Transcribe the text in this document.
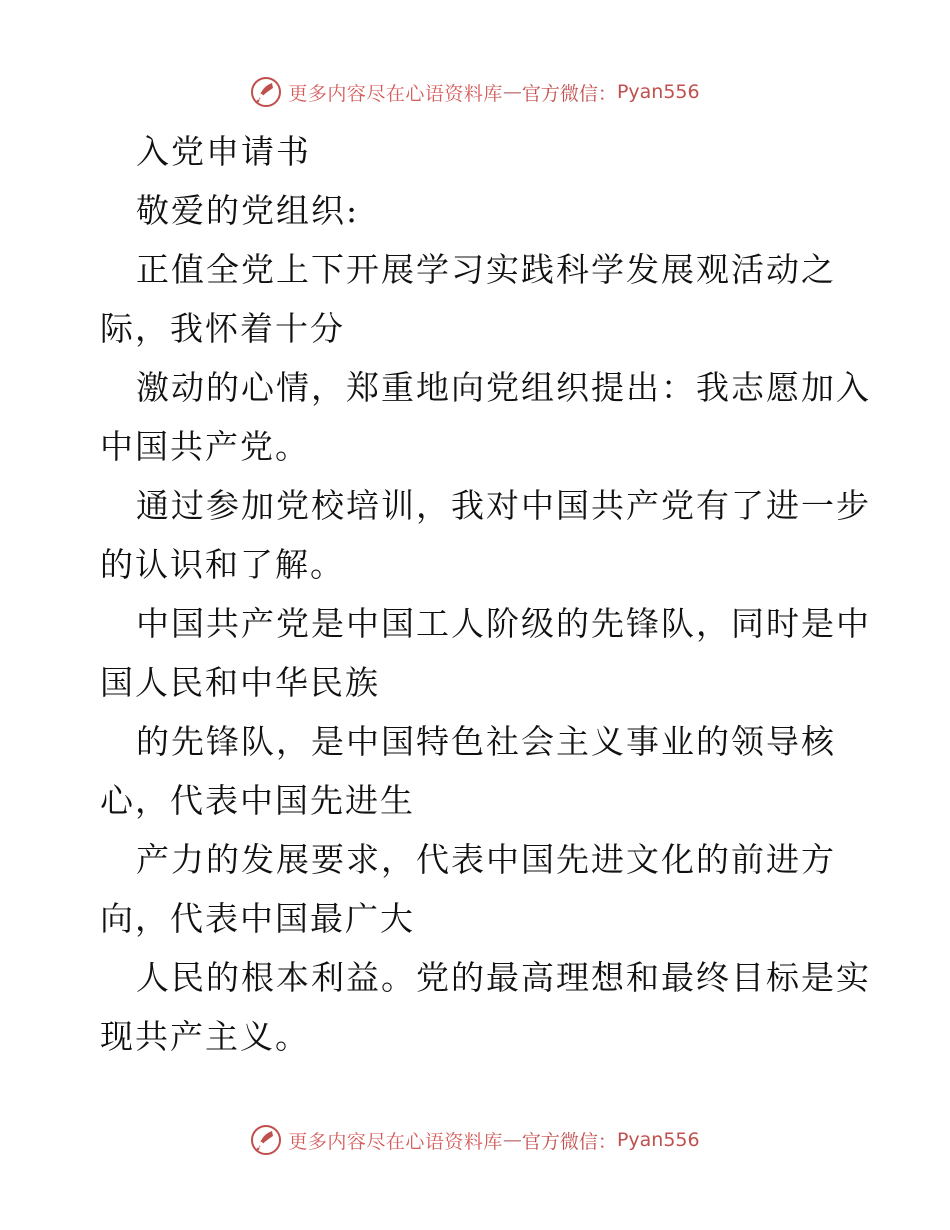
更多内容尽在心语资料库 — 官方微信： Pyan556
入党申请书
敬爱的党组织:
正值全党上下开展学习实践科学发展观活动之
际，我怀着十分
激动的心情，郑重地向党组织提出：我志愿加入
中国共产党。
通过参加党校培训，我对中国共产党有了进一步
的认识和了解。
中国共产党是中国工人阶级的先锋队，同时是中
国人民和中华民族
的先锋队，是中国特色社会主义事业的领导核
心，代表中国先进生
产力的发展要求，代表中国先进文化的前进方
向，代表中国最广大
人民的根本利益。党的最高理想和最终目标是实
现共产主义。
更多内容尽在心语资料库 — 官方微信： Pyan556
